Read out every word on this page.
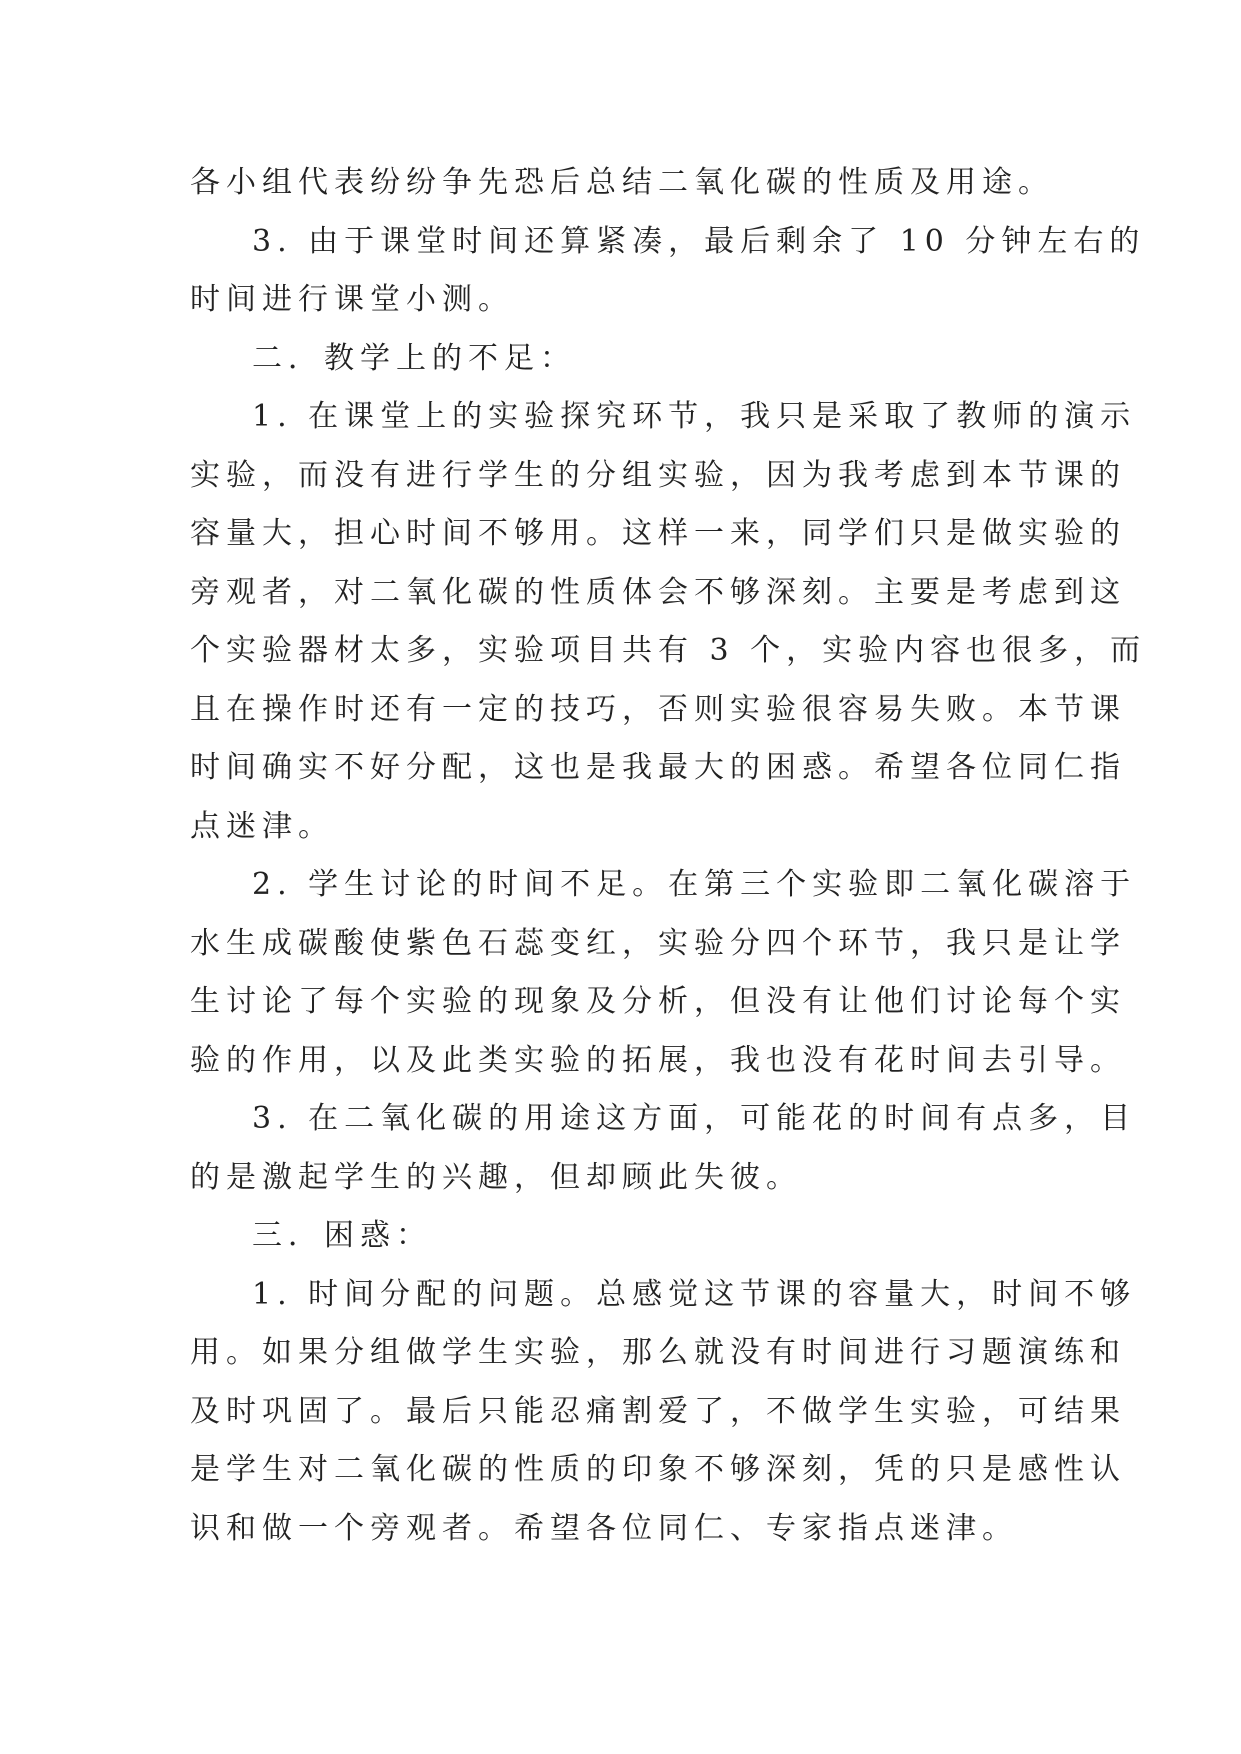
各小组代表纷纷争先恐后总结二氧化碳的性质及用途。
3. 由于课堂时间还算紧凑，最后剩余了 10 分钟左右的
时间进行课堂小测。
二．教学上的不足：
1. 在课堂上的实验探究环节，我只是采取了教师的演示
实验，而没有进行学生的分组实验，因为我考虑到本节课的
容量大，担心时间不够用。这样一来，同学们只是做实验的
旁观者，对二氧化碳的性质体会不够深刻。主要是考虑到这
个实验器材太多，实验项目共有 3 个，实验内容也很多，而
且在操作时还有一定的技巧，否则实验很容易失败。本节课
时间确实不好分配，这也是我最大的困惑。希望各位同仁指
点迷津。
2. 学生讨论的时间不足。在第三个实验即二氧化碳溶于
水生成碳酸使紫色石蕊变红，实验分四个环节，我只是让学
生讨论了每个实验的现象及分析，但没有让他们讨论每个实
验的作用，以及此类实验的拓展，我也没有花时间去引导。
3. 在二氧化碳的用途这方面，可能花的时间有点多，目
的是激起学生的兴趣，但却顾此失彼。
三．困惑：
1. 时间分配的问题。总感觉这节课的容量大，时间不够
用。如果分组做学生实验，那么就没有时间进行习题演练和
及时巩固了。最后只能忍痛割爱了，不做学生实验，可结果
是学生对二氧化碳的性质的印象不够深刻，凭的只是感性认
识和做一个旁观者。希望各位同仁、专家指点迷津。
